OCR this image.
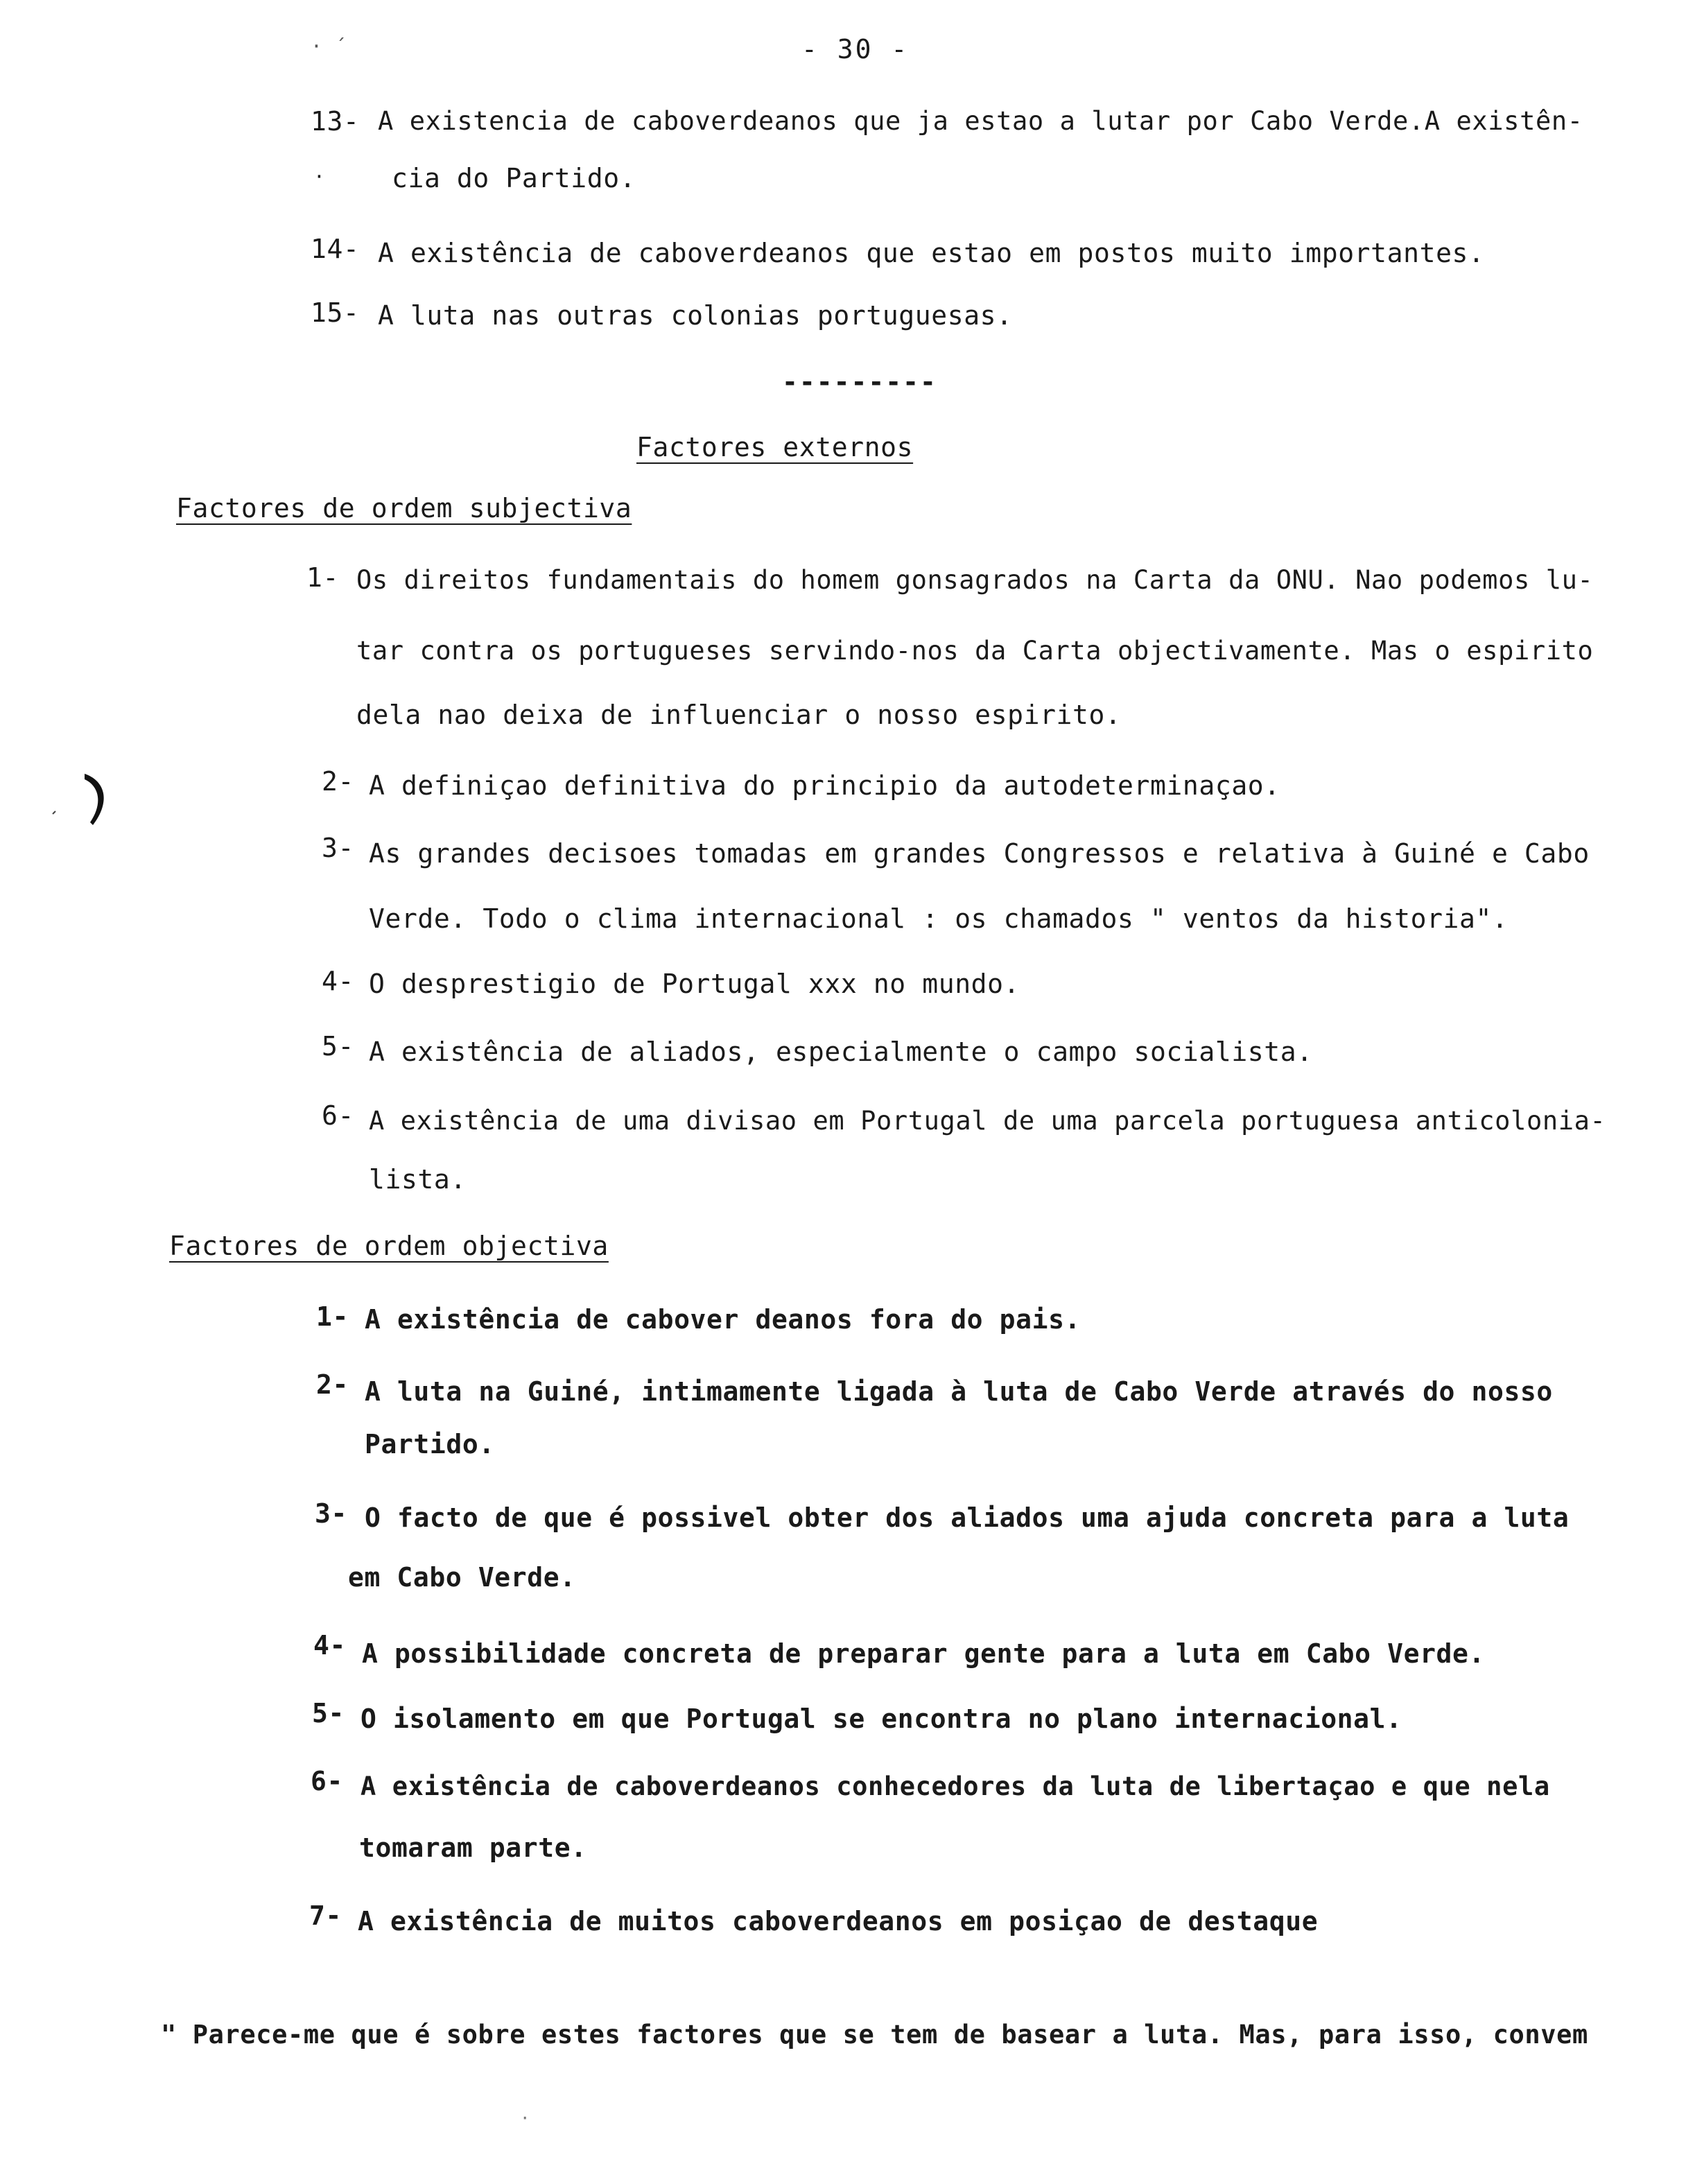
· ´	- 30 -
13- A existencia de caboverdeanos que ja estao a lutar por Cabo Verde.A existên-
·	cia do Partido.
14- A existência de caboverdeanos que estao em postos muito importantes.
15- A luta nas outras colonias portuguesas.
---------
Factores externos
Factores de ordem subjectiva
1- Os direitos fundamentais do homem gonsagrados na Carta da ONU. Nao podemos lu-
tar contra os portugueses servindo-nos da Carta objectivamente. Mas o espirito
dela nao deixa de influenciar o nosso espirito.
2- A definiçao definitiva do principio da autodeterminaçao.
3- As grandes decisoes tomadas em grandes Congressos e relativa à Guiné e Cabo
Verde. Todo o clima internacional : os chamados " ventos da historia".
4- O desprestigio de Portugal xxx no mundo.
5- A existência de aliados, especialmente o campo socialista.
6- A existência de uma divisao em Portugal de uma parcela portuguesa anticolonia-
lista.
Factores de ordem objectiva
1- A existência de cabover deanos fora do pais.
2- A luta na Guiné, intimamente ligada à luta de Cabo Verde através do nosso
Partido.
3- O facto de que é possivel obter dos aliados uma ajuda concreta para a luta
em Cabo Verde.
4- A possibilidade concreta de preparar gente para a luta em Cabo Verde.
5- O isolamento em que Portugal se encontra no plano internacional.
6- A existência de caboverdeanos conhecedores da luta de libertaçao e que nela
tomaram parte.
7- A existência de muitos caboverdeanos em posiçao de destaque
" Parece-me que é sobre estes factores que se tem de basear a luta. Mas, para isso, convem
·
